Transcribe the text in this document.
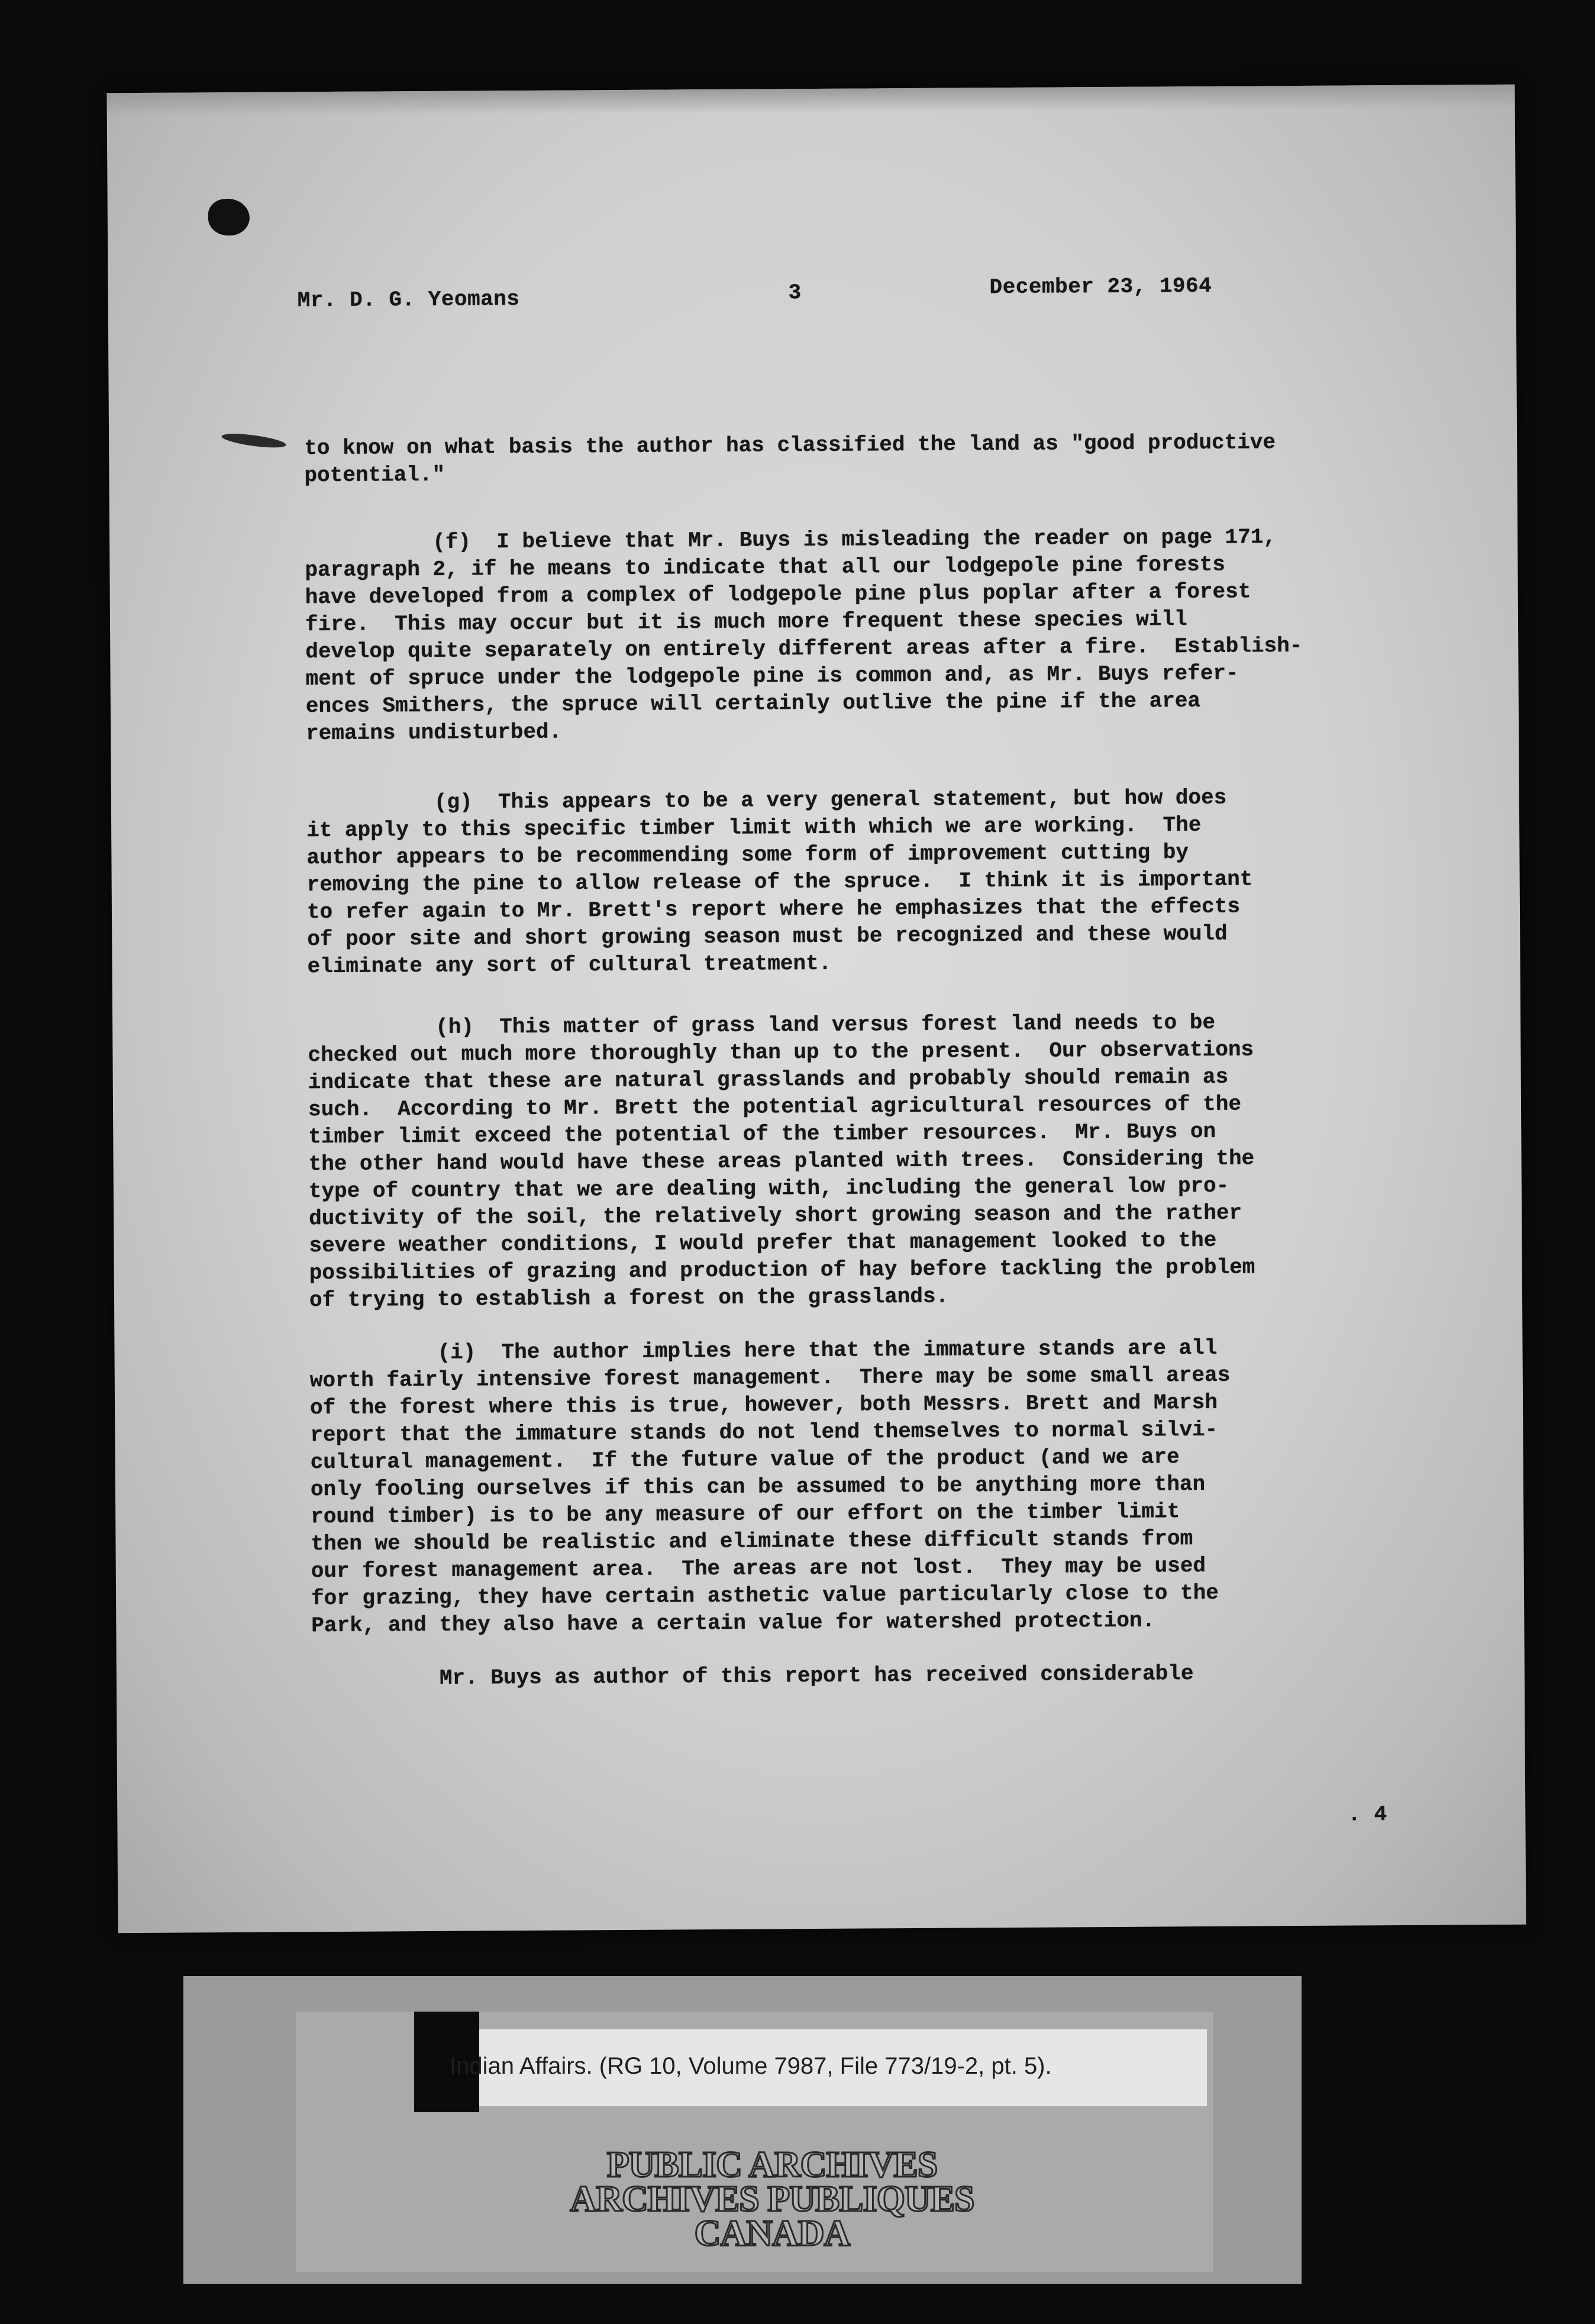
Mr. D. G. Yeomans	3	December 23, 1964

to know on what basis the author has classified the land as "good productive
potential."

(f)  I believe that Mr. Buys is misleading the reader on page 171,
paragraph 2, if he means to indicate that all our lodgepole pine forests
have developed from a complex of lodgepole pine plus poplar after a forest
fire.  This may occur but it is much more frequent these species will
develop quite separately on entirely different areas after a fire.  Establish-
ment of spruce under the lodgepole pine is common and, as Mr. Buys refer-
ences Smithers, the spruce will certainly outlive the pine if the area
remains undisturbed.

(g)  This appears to be a very general statement, but how does
it apply to this specific timber limit with which we are working.  The
author appears to be recommending some form of improvement cutting by
removing the pine to allow release of the spruce.  I think it is important
to refer again to Mr. Brett's report where he emphasizes that the effects
of poor site and short growing season must be recognized and these would
eliminate any sort of cultural treatment.

(h)  This matter of grass land versus forest land needs to be
checked out much more thoroughly than up to the present.  Our observations
indicate that these are natural grasslands and probably should remain as
such.  According to Mr. Brett the potential agricultural resources of the
timber limit exceed the potential of the timber resources.  Mr. Buys on
the other hand would have these areas planted with trees.  Considering the
type of country that we are dealing with, including the general low pro-
ductivity of the soil, the relatively short growing season and the rather
severe weather conditions, I would prefer that management looked to the
possibilities of grazing and production of hay before tackling the problem
of trying to establish a forest on the grasslands.

(i)  The author implies here that the immature stands are all
worth fairly intensive forest management.  There may be some small areas
of the forest where this is true, however, both Messrs. Brett and Marsh
report that the immature stands do not lend themselves to normal silvi-
cultural management.  If the future value of the product (and we are
only fooling ourselves if this can be assumed to be anything more than
round timber) is to be any measure of our effort on the timber limit
then we should be realistic and eliminate these difficult stands from
our forest management area.  The areas are not lost.  They may be used
for grazing, they have certain asthetic value particularly close to the
Park, and they also have a certain value for watershed protection.

Mr. Buys as author of this report has received considerable

. 4

Indian Affairs. (RG 10, Volume 7987, File 773/19-2, pt. 5).
PUBLIC ARCHIVES
ARCHIVES PUBLIQUES
CANADA
